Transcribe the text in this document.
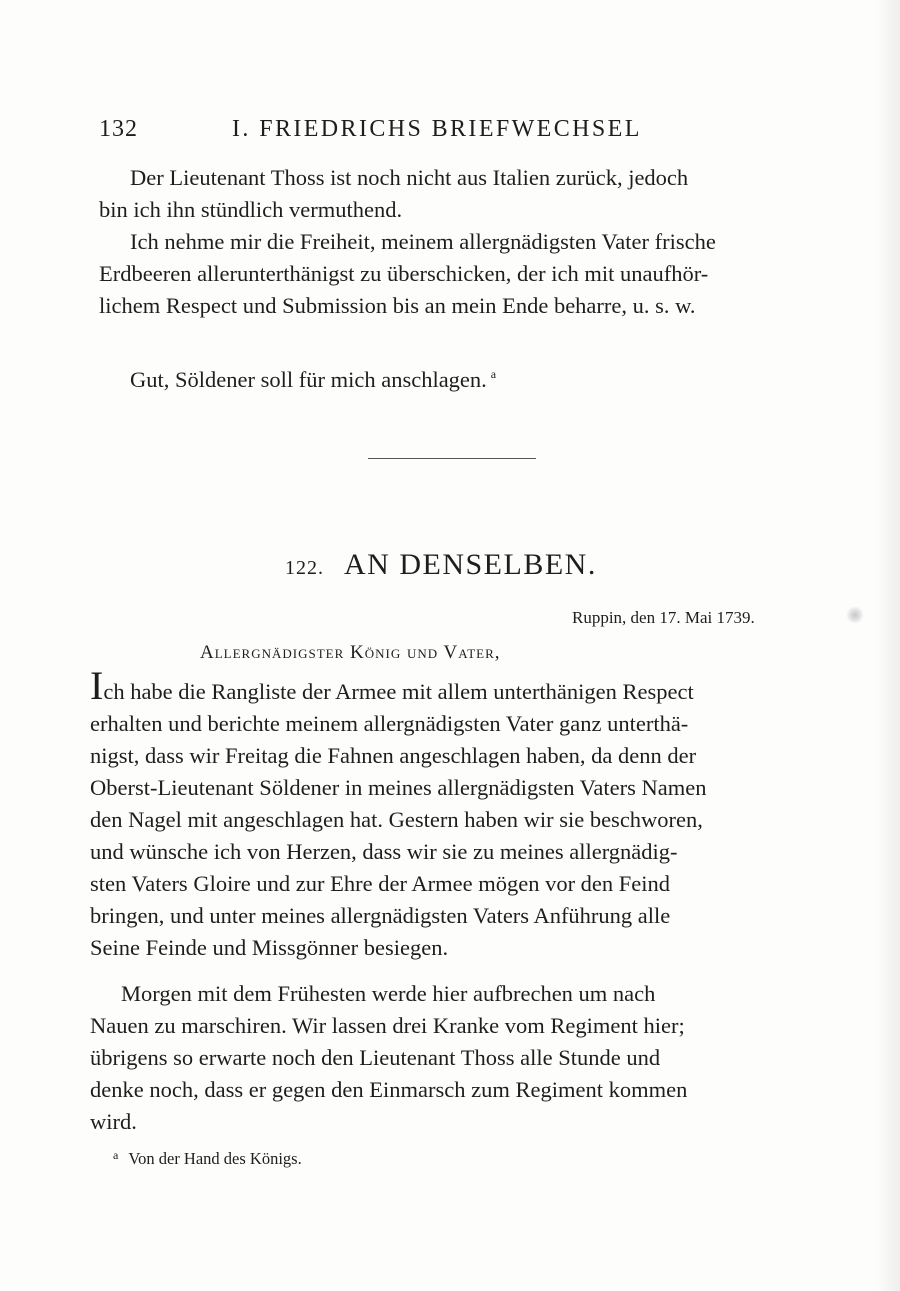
132	I. FRIEDRICHS BRIEFWECHSEL
Der Lieutenant Thoss ist noch nicht aus Italien zurück, jedoch
bin ich ihn stündlich vermuthend.
Ich nehme mir die Freiheit, meinem allergnädigsten Vater frische
Erdbeeren allerunterthänigst zu überschicken, der ich mit unaufhör-
lichem Respect und Submission bis an mein Ende beharre, u. s. w.
Gut, Söldener soll für mich anschlagen. $^a$
122. AN DENSELBEN.
Ruppin, den 17. Mai 1739.
Allergnädigster König und Vater,
Ich habe die Rangliste der Armee mit allem unterthänigen Respect
erhalten und berichte meinem allergnädigsten Vater ganz unterthä-
nigst, dass wir Freitag die Fahnen angeschlagen haben, da denn der
Oberst-Lieutenant Söldener in meines allergnädigsten Vaters Namen
den Nagel mit angeschlagen hat. Gestern haben wir sie beschworen,
und wünsche ich von Herzen, dass wir sie zu meines allergnädig-
sten Vaters Gloire und zur Ehre der Armee mögen vor den Feind
bringen, und unter meines allergnädigsten Vaters Anführung alle
Seine Feinde und Missgönner besiegen.
Morgen mit dem Frühesten werde hier aufbrechen um nach
Nauen zu marschiren. Wir lassen drei Kranke vom Regiment hier;
übrigens so erwarte noch den Lieutenant Thoss alle Stunde und
denke noch, dass er gegen den Einmarsch zum Regiment kommen
wird.
$^a$ Von der Hand des Königs.
